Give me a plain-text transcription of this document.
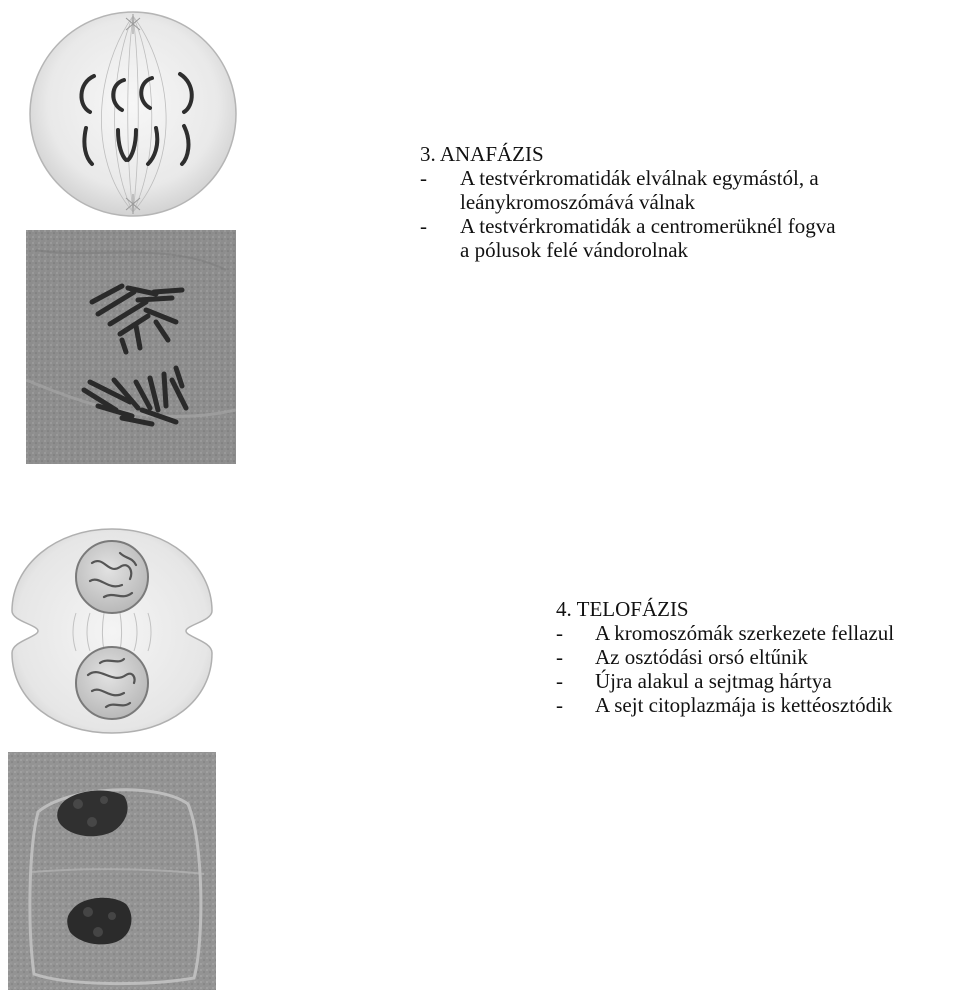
3. ANAFÁZIS
- A testvérkromatidák elválnak egymástól, a
leánykromoszómává válnak
- A testvérkromatidák a centromerüknél fogva
a pólusok felé vándorolnak
4. TELOFÁZIS
- A kromoszómák szerkezete fellazul
- Az osztódási orsó eltűnik
- Újra alakul a sejtmag hártya
- A sejt citoplazmája is kettéosztódik
